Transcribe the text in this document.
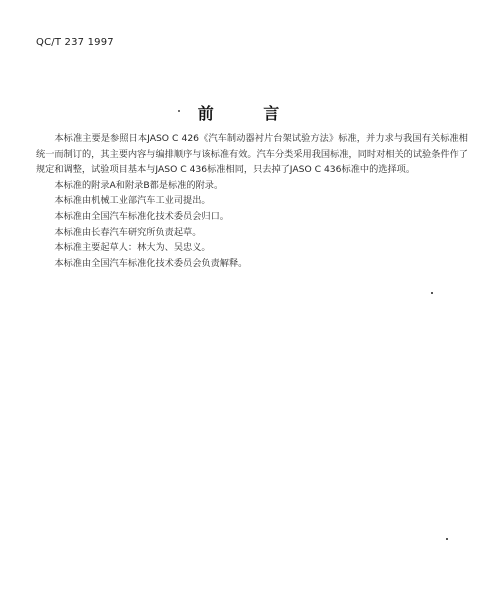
QC/T 237 1997
前 言

本标准主要是参照日本JASO C 426《汽车制动器衬片台架试验方法》标准，并力求与我国有关标准相统一而制订的，其主要内容与编排顺序与该标准有效。汽车分类采用我国标准，同时对相关的试验条件作了规定和调整，试验项目基本与JASO C 436标准相同，只去掉了JASO C 436标准中的选择项。

本标准的附录A和附录B都是标准的附录。

本标准由机械工业部汽车工业司提出。

本标准由全国汽车标准化技术委员会归口。

本标准由长春汽车研究所负责起草。

本标准主要起草人：林大为、吴忠义。

本标准由全国汽车标准化技术委员会负责解释。
